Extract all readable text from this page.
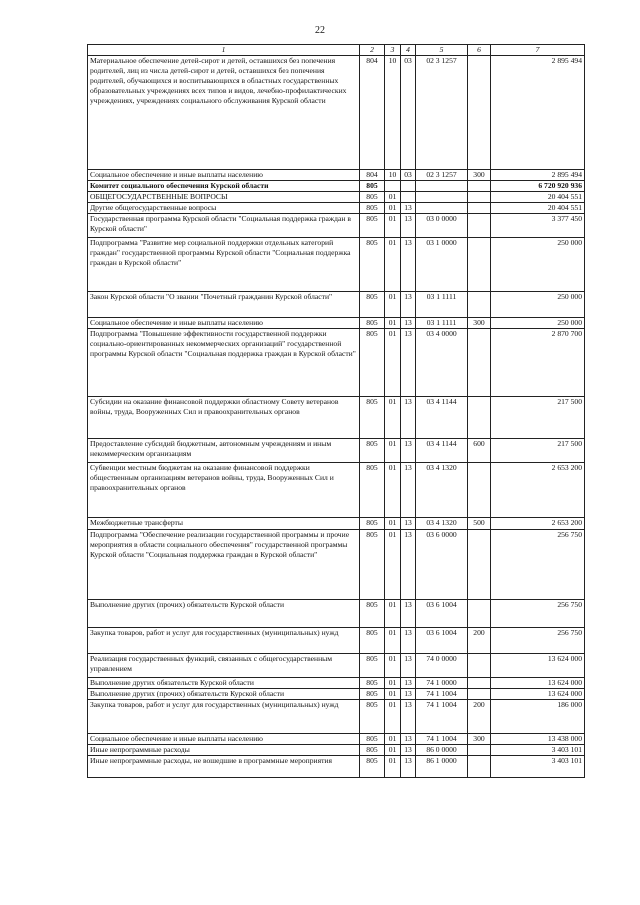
22
1	2	3	4	5	6	7
Материальное обеспечение детей-сирот и детей, оставшихся без попечения родителей, лиц из числа детей-сирот и детей, оставшихся без попечения родителей, обучающихся и воспитывающихся в областных государственных образовательных учреждениях всех типов и видов, лечебно-профилактических учреждениях, учреждениях социального обслуживания Курской области	804	10	03	02 3 1257		2 895 494
Социальное обеспечение и иные выплаты населению	804	10	03	02 3 1257	300	2 895 494
Комитет социального обеспечения Курской области	805					6 720 920 936
ОБЩЕГОСУДАРСТВЕННЫЕ ВОПРОСЫ	805	01				20 404 551
Другие общегосударственные вопросы	805	01	13			20 404 551
Государственная программа Курской области "Социальная поддержка граждан в Курской области"	805	01	13	03 0 0000		3 377 450
Подпрограмма "Развитие мер социальной поддержки отдельных категорий граждан" государственной программы Курской области "Социальная поддержка граждан в Курской области"	805	01	13	03 1 0000		250 000
Закон Курской области "О звании "Почетный гражданин Курской области"	805	01	13	03 1 1111		250 000
Социальное обеспечение и иные выплаты населению	805	01	13	03 1 1111	300	250 000
Подпрограмма "Повышение эффективности государственной поддержки социально-ориентированных некоммерческих организаций" государственной программы Курской области "Социальная поддержка граждан в Курской области"	805	01	13	03 4 0000		2 870 700
Субсидии на оказание финансовой поддержки областному Совету ветеранов войны, труда, Вооруженных Сил и правоохранительных органов	805	01	13	03 4 1144		217 500
Предоставление субсидий бюджетным, автономным учреждениям и иным некоммерческим организациям	805	01	13	03 4 1144	600	217 500
Субвенции местным бюджетам на оказание финансовой поддержки общественным организациям ветеранов войны, труда, Вооруженных Сил и правоохранительных органов	805	01	13	03 4 1320		2 653 200
Межбюджетные трансферты	805	01	13	03 4 1320	500	2 653 200
Подпрограмма "Обеспечение реализации государственной программы и прочие мероприятия в области социального обеспечения" государственной программы Курской области "Социальная поддержка граждан в Курской области"	805	01	13	03 6 0000		256 750
Выполнение других (прочих) обязательств Курской области	805	01	13	03 6 1004		256 750
Закупка товаров, работ и услуг для государственных (муниципальных) нужд	805	01	13	03 6 1004	200	256 750
Реализация государственных функций, связанных с общегосударственным управлением	805	01	13	74 0 0000		13 624 000
Выполнение других обязательств Курской области	805	01	13	74 1 0000		13 624 000
Выполнение других (прочих) обязательств Курской области	805	01	13	74 1 1004		13 624 000
Закупка товаров, работ и услуг для государственных (муниципальных) нужд	805	01	13	74 1 1004	200	186 000
Социальное обеспечение и иные выплаты населению	805	01	13	74 1 1004	300	13 438 000
Иные непрограммные расходы	805	01	13	86 0 0000		3 403 101
Иные непрограммные расходы, не вошедшие в программные мероприятия	805	01	13	86 1 0000		3 403 101
